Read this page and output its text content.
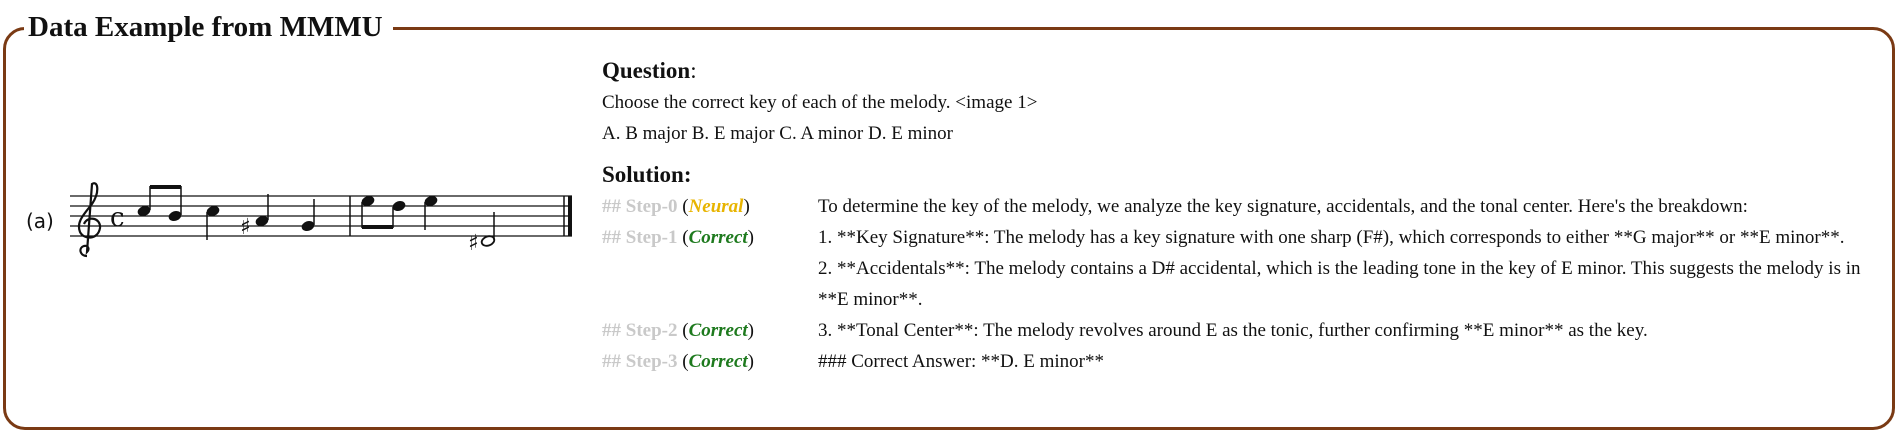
Data Example from MMMU
(a) c	♯
♯
Question:
Choose the correct key of each of the melody. <image 1>
A. B major B. E major C. A minor D. E minor
Solution:
## Step-0 (Neural)	To determine the key of the melody, we analyze the key signature, accidentals, and the tonal center. Here's the breakdown:
## Step-1 (Correct)	1. **Key Signature**: The melody has a key signature with one sharp (F#), which corresponds to either **G major** or **E minor**.
2. **Accidentals**: The melody contains a D# accidental, which is the leading tone in the key of E minor. This suggests the melody is in **E minor**.
## Step-2 (Correct)	3. **Tonal Center**: The melody revolves around E as the tonic, further confirming **E minor** as the key.
## Step-3 (Correct)	### Correct Answer: **D. E minor**
